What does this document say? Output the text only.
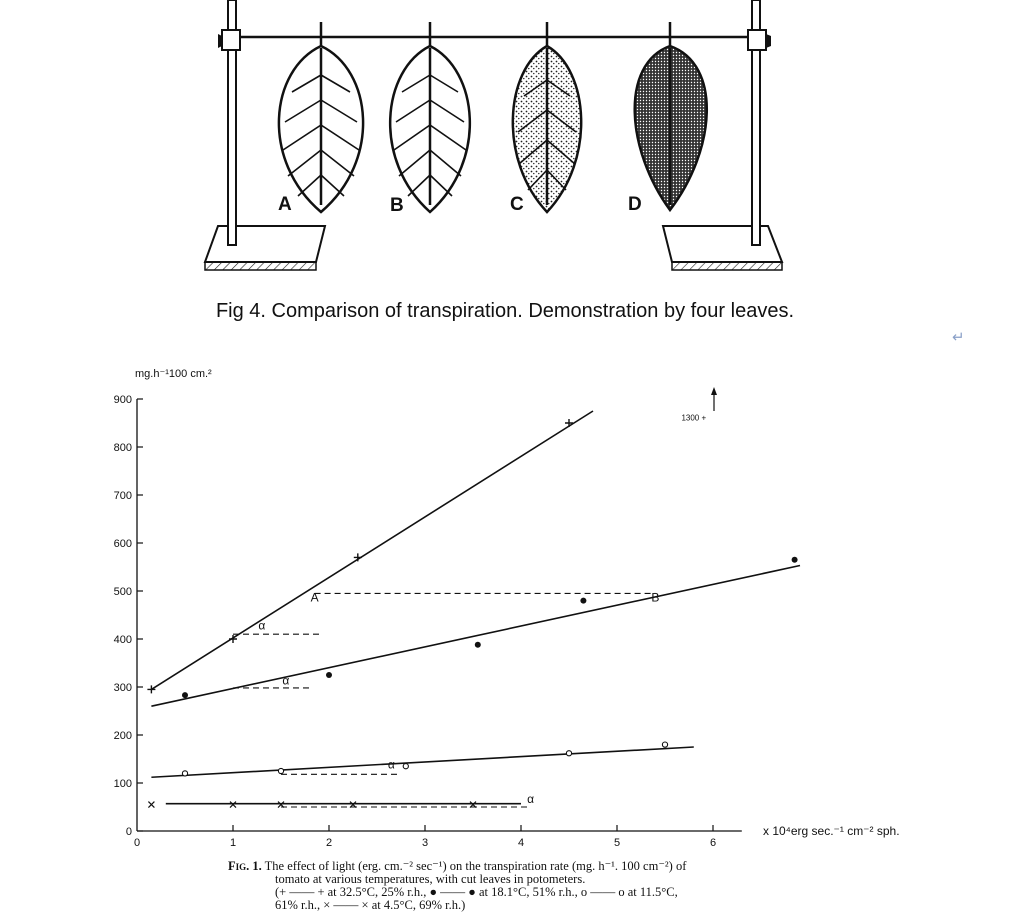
A	B	C	D
Fig 4. Comparison of transpiration. Demonstration by four leaves.
↵
0
100
200
300
400
500
600
700
800
900
0	1	2	3	4	5	6
A	B
α
α
α
α
1300 +
mg.h⁻¹100 cm.²
x 10⁴erg sec.⁻¹ cm⁻² sph.
Fig. 1. The effect of light (erg. cm.⁻² sec⁻¹) on the transpiration rate (mg. h⁻¹. 100 cm⁻²) of
tomato at various temperatures, with cut leaves in potometers.
(+ —— + at 32.5°C, 25% r.h., ● —— ● at 18.1°C, 51% r.h., o —— o at 11.5°C,
61% r.h., × —— × at 4.5°C, 69% r.h.)
